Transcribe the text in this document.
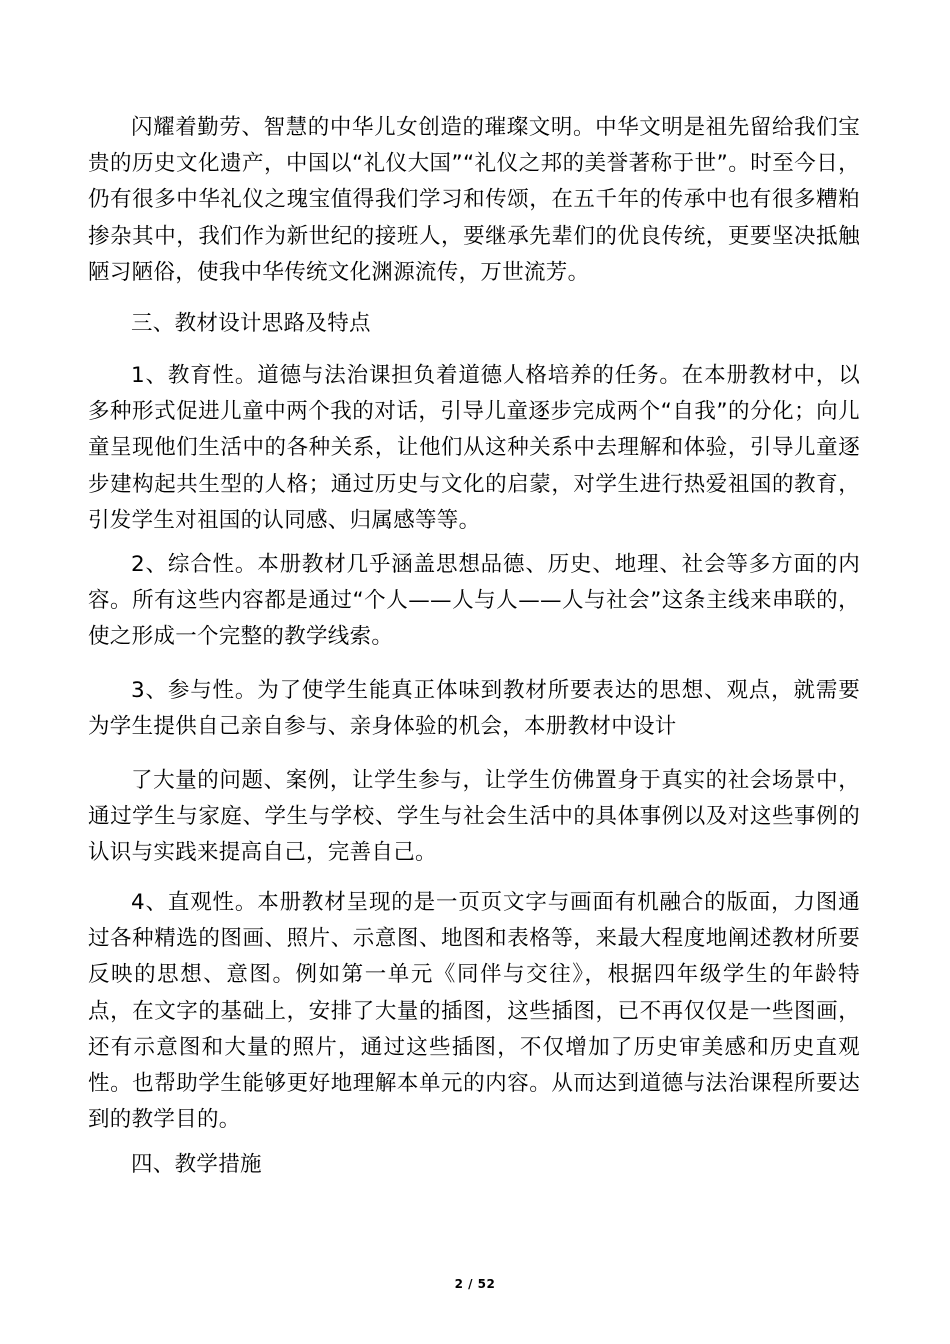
闪耀着勤劳、智慧的中华儿女创造的璀璨文明。中华文明是祖先留给我们宝贵的历史文化遗产，中国以“礼仪大国”“礼仪之邦的美誉著称于世”。时至今日，仍有很多中华礼仪之瑰宝值得我们学习和传颂，在五千年的传承中也有很多糟粕掺杂其中，我们作为新世纪的接班人，要继承先辈们的优良传统，更要坚决抵触陋习陋俗，使我中华传统文化渊源流传，万世流芳。

三、教材设计思路及特点

1、教育性。道德与法治课担负着道德人格培养的任务。在本册教材中，以多种形式促进儿童中两个我的对话，引导儿童逐步完成两个“自我”的分化；向儿童呈现他们生活中的各种关系，让他们从这种关系中去理解和体验，引导儿童逐步建构起共生型的人格；通过历史与文化的启蒙，对学生进行热爱祖国的教育，引发学生对祖国的认同感、归属感等等。

2、综合性。本册教材几乎涵盖思想品德、历史、地理、社会等多方面的内容。所有这些内容都是通过“个人——人与人——人与社会”这条主线来串联的，使之形成一个完整的教学线索。

3、参与性。为了使学生能真正体味到教材所要表达的思想、观点，就需要为学生提供自己亲自参与、亲身体验的机会，本册教材中设计

了大量的问题、案例，让学生参与，让学生仿佛置身于真实的社会场景中，通过学生与家庭、学生与学校、学生与社会生活中的具体事例以及对这些事例的认识与实践来提高自己，完善自己。

4、直观性。本册教材呈现的是一页页文字与画面有机融合的版面，力图通过各种精选的图画、照片、示意图、地图和表格等，来最大程度地阐述教材所要反映的思想、意图。例如第一单元《同伴与交往》，根据四年级学生的年龄特点，在文字的基础上，安排了大量的插图，这些插图，已不再仅仅是一些图画，还有示意图和大量的照片，通过这些插图，不仅增加了历史审美感和历史直观性。也帮助学生能够更好地理解本单元的内容。从而达到道德与法治课程所要达到的教学目的。

四、教学措施

2 / 52
